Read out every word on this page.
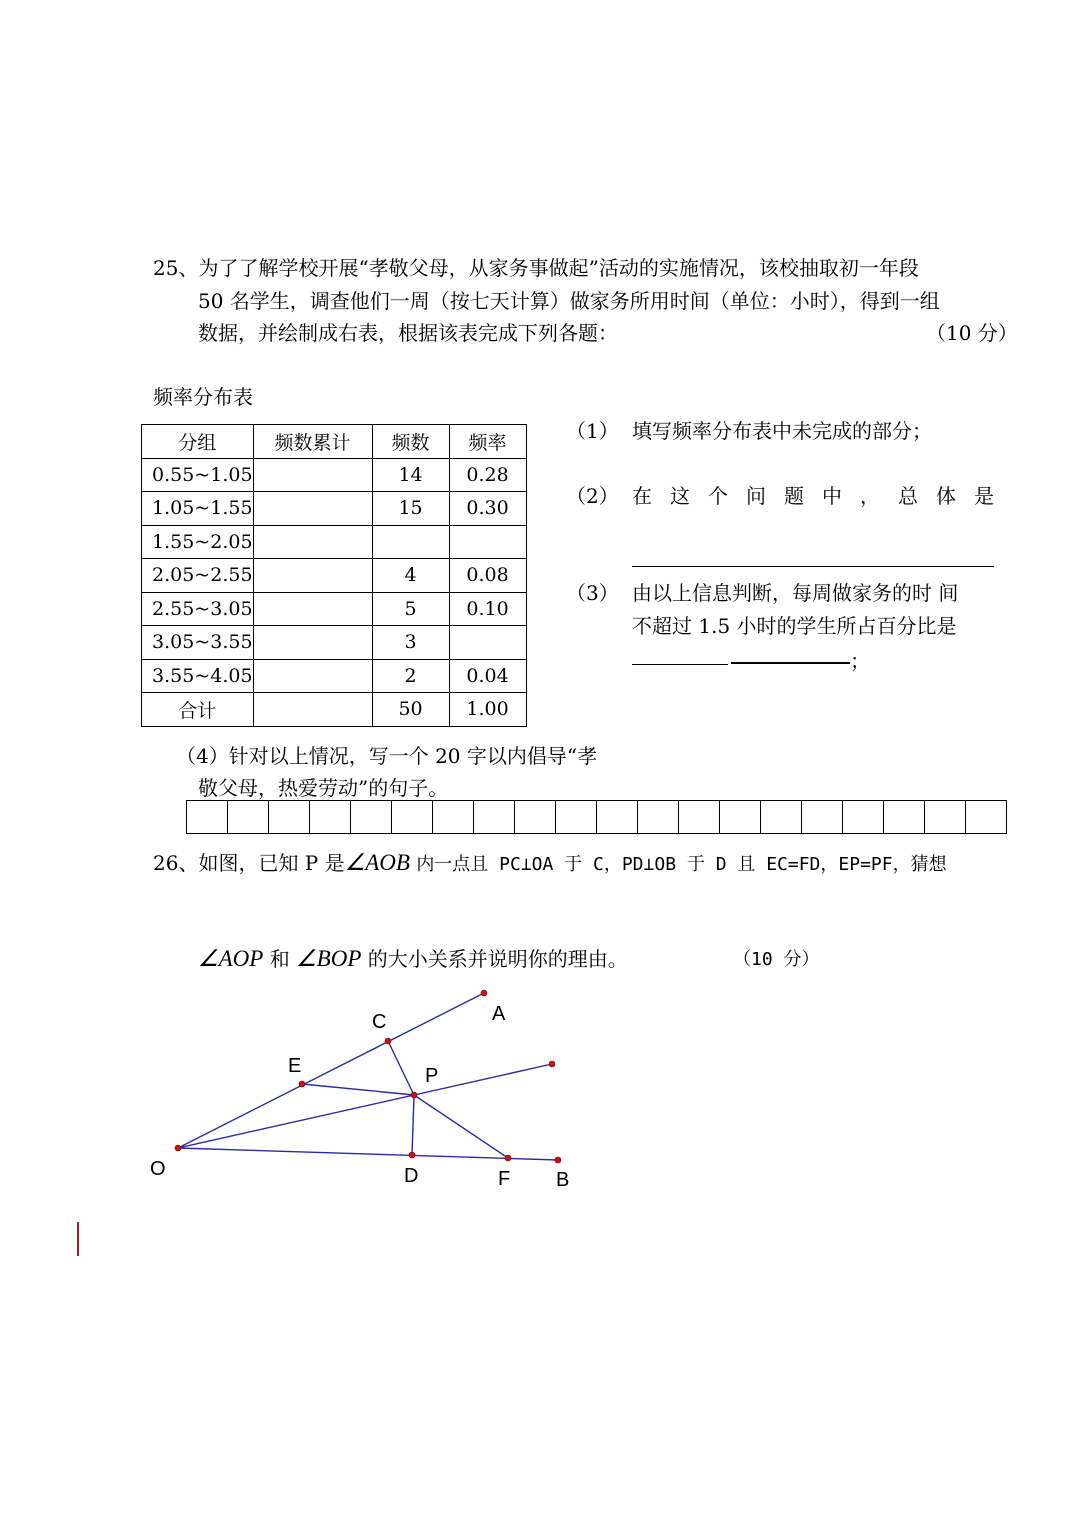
25、为了了解学校开展“孝敬父母，从家务事做起”活动的实施情况，该校抽取初一年段
50 名学生，调查他们一周（按七天计算）做家务所用时间（单位：小时），得到一组
数据，并绘制成右表，根据该表完成下列各题：	（10 分）
频率分布表
分组	频数累计	频数	频率
0.55~1.05		14	0.28
1.05~1.55		15	0.30
1.55~2.05			
2.05~2.55		4	0.08
2.55~3.05		5	0.10
3.05~3.55		3	
3.55~4.05		2	0.04
合计		50	1.00
（1） 填写频率分布表中未完成的部分；
（2） 在 这 个 问 题 中 ， 总 体 是
（3） 由以上信息判断，每周做家务的时 间
不超过 1.5 小时的学生所占百分比是
；
（4）针对以上情况，写一个 20 字以内倡导“孝
敬父母，热爱劳动”的句子。

26、如图，已知 P 是∠AOB 内一点且 PC⊥OA 于 C，PD⊥OB 于 D 且 EC=FD，EP=PF，猜想
∠AOP 和 ∠BOP 的大小关系并说明你的理由。	（10 分）
O
A
B
C
D
E
F
P
